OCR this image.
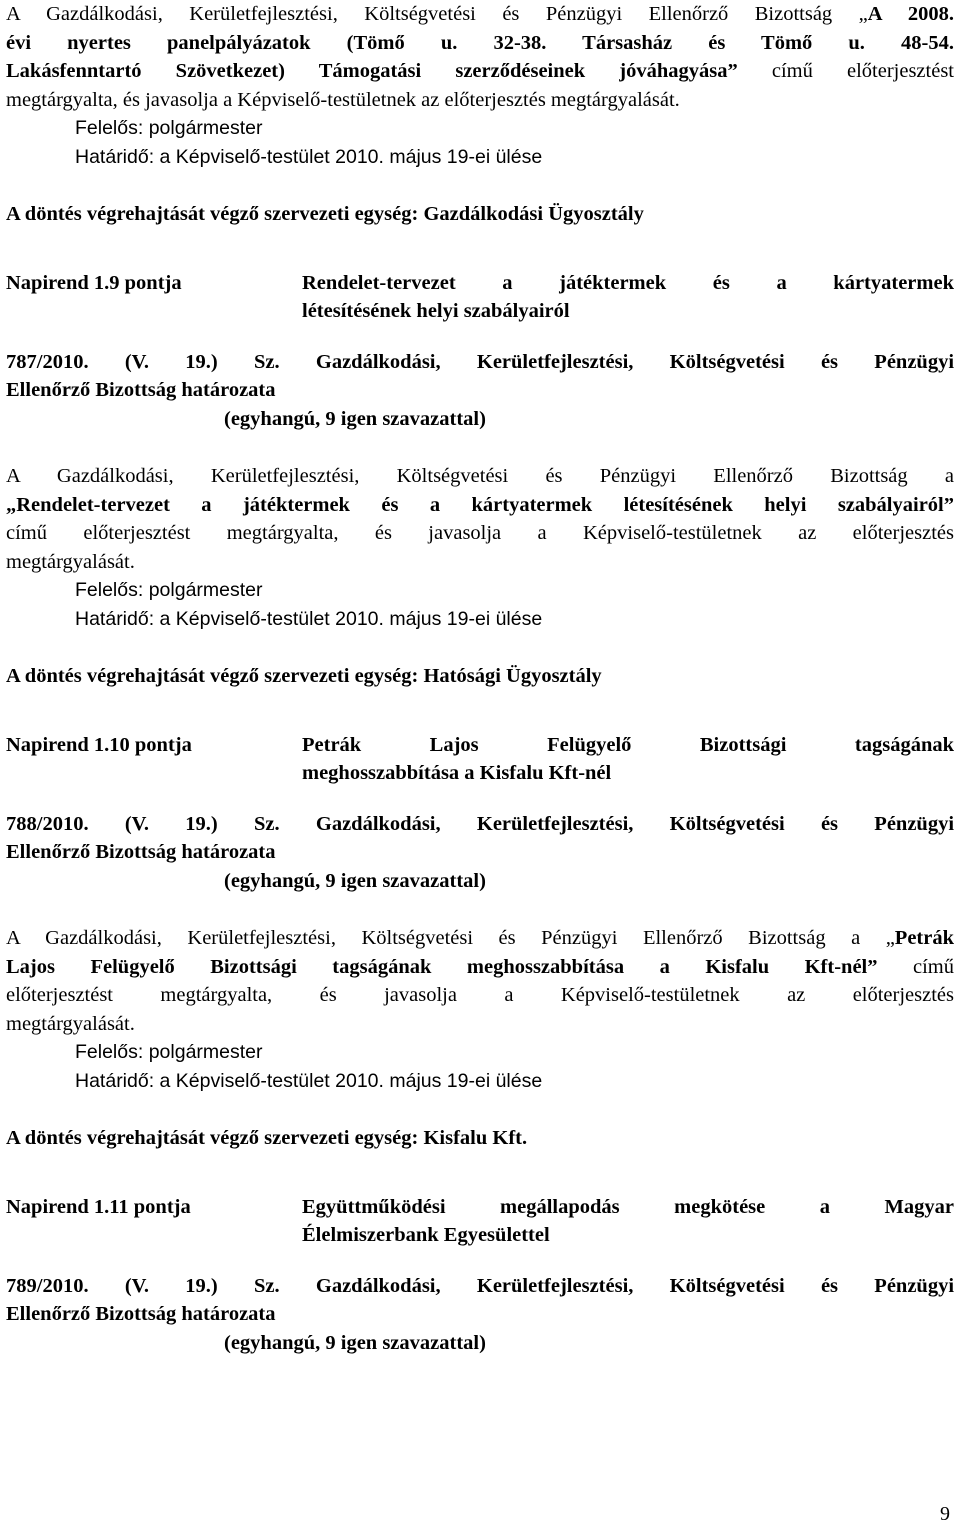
A Gazdálkodási, Kerületfejlesztési, Költségvetési és Pénzügyi Ellenőrző Bizottság „A 2008.
évi nyertes panelpályázatok (Tömő u. 32-38. Társasház és Tömő u. 48-54.
Lakásfenntartó Szövetkezet) Támogatási szerződéseinek jóváhagyása” című előterjesztést
megtárgyalta, és javasolja a Képviselő-testületnek az előterjesztés megtárgyalását.

Felelős: polgármester

Határidő: a Képviselő-testület 2010. május 19-ei ülése

A döntés végrehajtását végző szervezeti egység: Gazdálkodási Ügyosztály

Napirend 1.9 pontja	Rendelet-tervezet a játéktermek és a kártyatermek
létesítésének helyi szabályairól
787/2010. (V. 19.) Sz. Gazdálkodási, Kerületfejlesztési, Költségvetési és Pénzügyi
Ellenőrző Bizottság határozata

(egyhangú, 9 igen szavazattal)

A Gazdálkodási, Kerületfejlesztési, Költségvetési és Pénzügyi Ellenőrző Bizottság a
„Rendelet-tervezet a játéktermek és a kártyatermek létesítésének helyi szabályairól”
című előterjesztést megtárgyalta, és javasolja a Képviselő-testületnek az előterjesztés
megtárgyalását.

Felelős: polgármester

Határidő: a Képviselő-testület 2010. május 19-ei ülése

A döntés végrehajtását végző szervezeti egység: Hatósági Ügyosztály

Napirend 1.10 pontja	Petrák Lajos Felügyelő Bizottsági tagságának
meghosszabbítása a Kisfalu Kft-nél
788/2010. (V. 19.) Sz. Gazdálkodási, Kerületfejlesztési, Költségvetési és Pénzügyi
Ellenőrző Bizottság határozata

(egyhangú, 9 igen szavazattal)

A Gazdálkodási, Kerületfejlesztési, Költségvetési és Pénzügyi Ellenőrző Bizottság a „Petrák
Lajos Felügyelő Bizottsági tagságának meghosszabbítása a Kisfalu Kft-nél” című
előterjesztést megtárgyalta, és javasolja a Képviselő-testületnek az előterjesztés
megtárgyalását.

Felelős: polgármester

Határidő: a Képviselő-testület 2010. május 19-ei ülése

A döntés végrehajtását végző szervezeti egység: Kisfalu Kft.

Napirend 1.11 pontja	Együttműködési megállapodás megkötése a Magyar
Élelmiszerbank Egyesülettel
789/2010. (V. 19.) Sz. Gazdálkodási, Kerületfejlesztési, Költségvetési és Pénzügyi
Ellenőrző Bizottság határozata

(egyhangú, 9 igen szavazattal)

9
